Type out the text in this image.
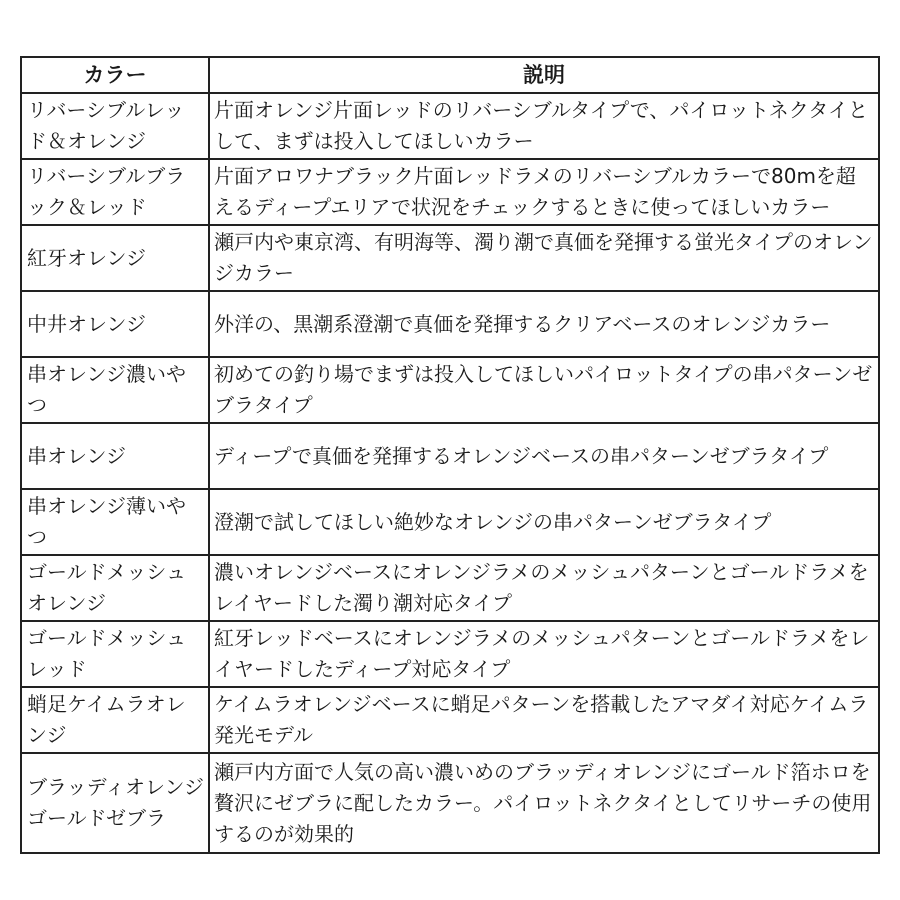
カラー	説明
リバーシブルレッド＆オレンジ	片面オレンジ片面レッドのリバーシブルタイプで、パイロットネクタイとして、まずは投入してほしいカラー
リバーシブルブラック＆レッド	片面アロワナブラック片面レッドラメのリバーシブルカラーで80mを超えるディープエリアで状況をチェックするときに使ってほしいカラー
紅牙オレンジ	瀬戸内や東京湾、有明海等、濁り潮で真価を発揮する蛍光タイプのオレンジカラー
中井オレンジ	外洋の、黒潮系澄潮で真価を発揮するクリアベースのオレンジカラー
串オレンジ濃いやつ	初めての釣り場でまずは投入してほしいパイロットタイプの串パターンゼブラタイプ
串オレンジ	ディープで真価を発揮するオレンジベースの串パターンゼブラタイプ
串オレンジ薄いやつ	澄潮で試してほしい絶妙なオレンジの串パターンゼブラタイプ
ゴールドメッシュオレンジ	濃いオレンジベースにオレンジラメのメッシュパターンとゴールドラメをレイヤードした濁り潮対応タイプ
ゴールドメッシュレッド	紅牙レッドベースにオレンジラメのメッシュパターンとゴールドラメをレイヤードしたディープ対応タイプ
蛸足ケイムラオレンジ	ケイムラオレンジベースに蛸足パターンを搭載したアマダイ対応ケイムラ発光モデル
ブラッディオレンジゴールドゼブラ	瀬戸内方面で人気の高い濃いめのブラッディオレンジにゴールド箔ホロを贅沢にゼブラに配したカラー。パイロットネクタイとしてリサーチの使用するのが効果的
